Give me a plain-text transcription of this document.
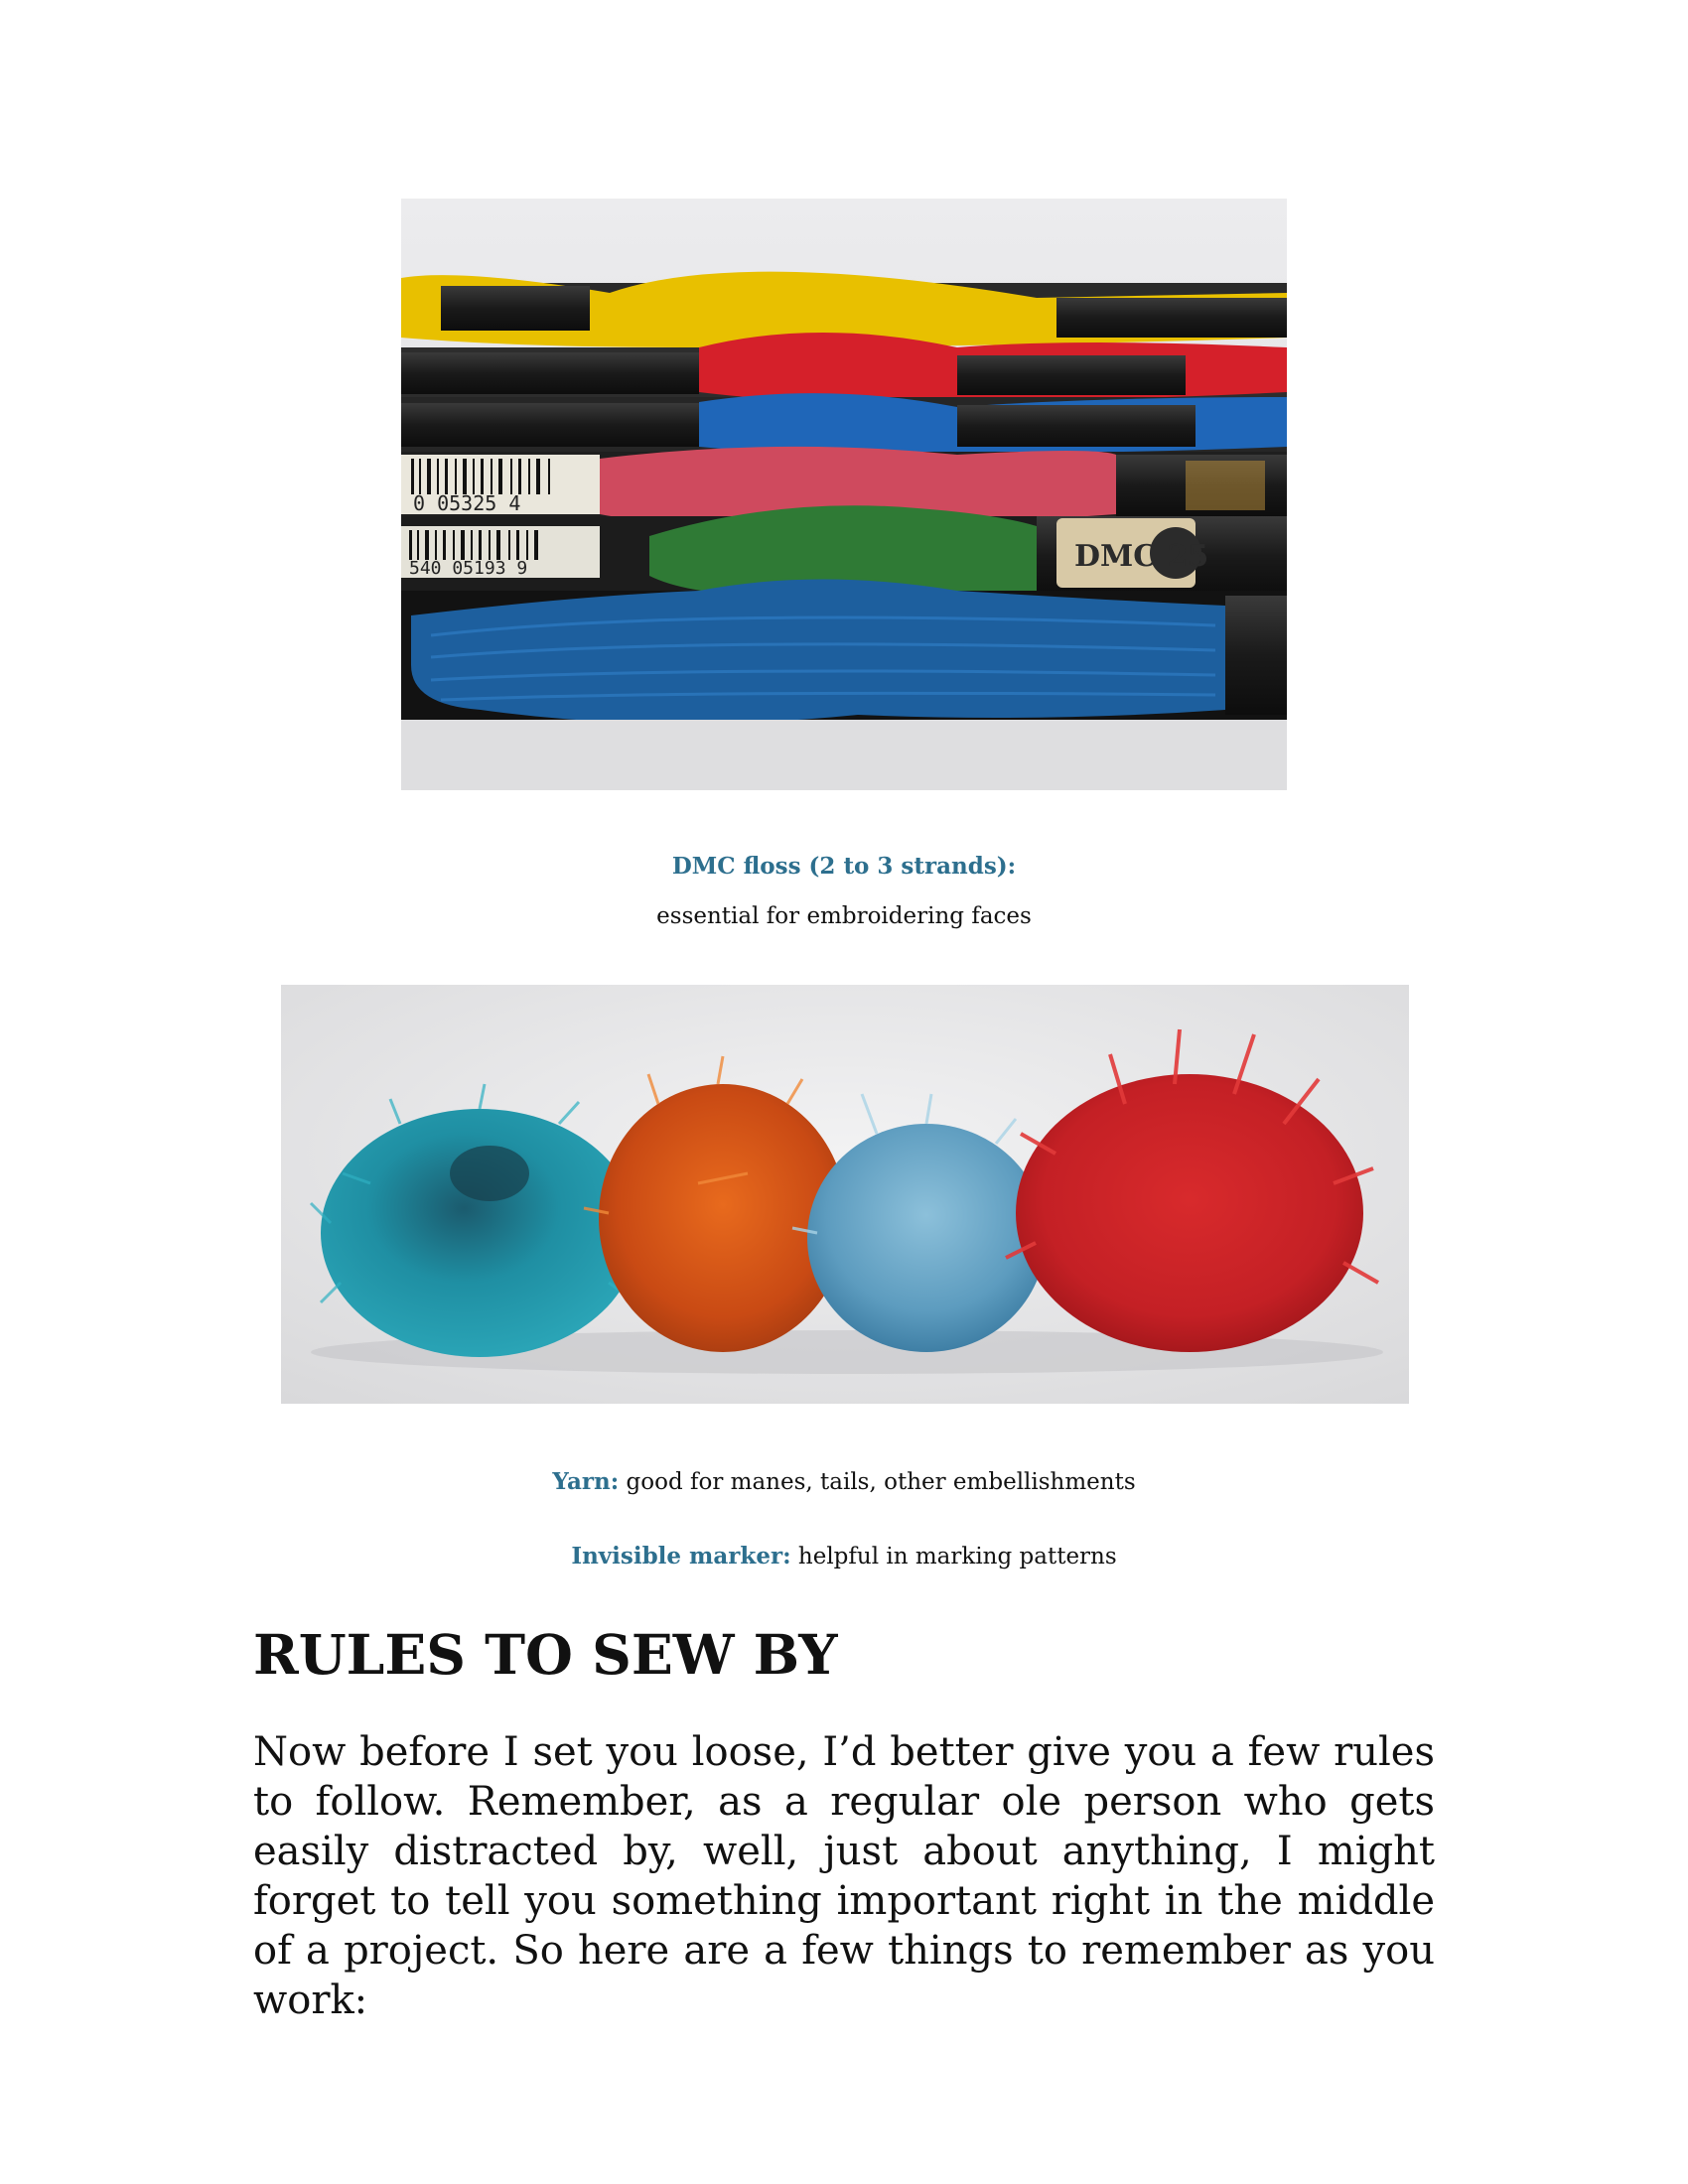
0 05325 4
540 05193 9	DMC 25
DMC floss (2 to 3 strands):
essential for embroidering faces
Yarn: good for manes, tails, other embellishments
Invisible marker: helpful in marking patterns
RULES TO SEW BY

Now before I set you loose, I’d better give you a few rules to follow. Remember, as a regular ole person who gets easily distracted by, well, just about anything, I might forget to tell you something important right in the middle of a project. So here are a few things to remember as you work:
